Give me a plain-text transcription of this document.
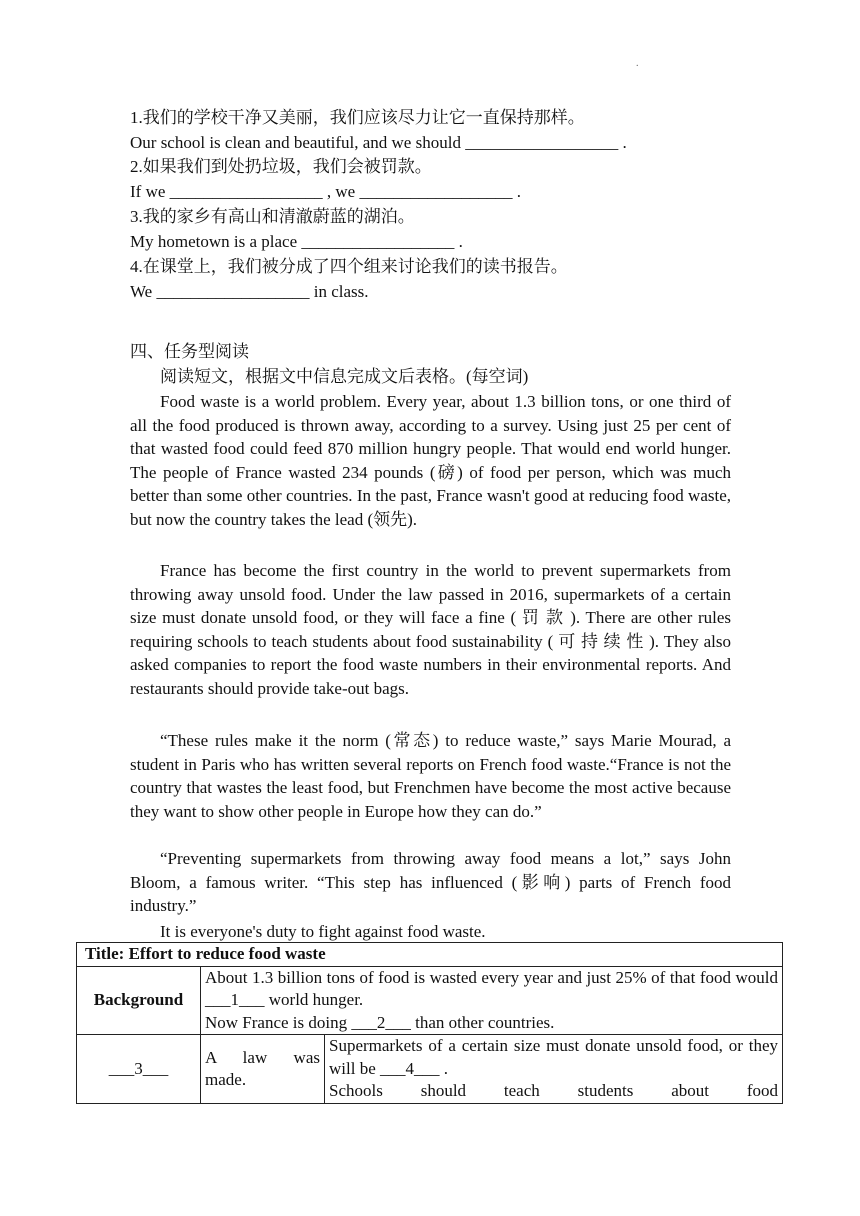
.
1.我们的学校干净又美丽，我们应该尽力让它一直保持那样。
Our school is clean and beautiful, and we should __________________ .
2.如果我们到处扔垃圾，我们会被罚款。
If we __________________ , we __________________ .
3.我的家乡有高山和清澈蔚蓝的湖泊。
My hometown is a place __________________ .
4.在课堂上，我们被分成了四个组来讨论我们的读书报告。
We __________________ in class.
四、任务型阅读
阅读短文，根据文中信息完成文后表格。(每空词)

Food waste is a world problem. Every year, about 1.3 billion tons, or one third of all the food produced is thrown away, according to a survey. Using just 25 per cent of that wasted food could feed 870 million hungry people. That would end world hunger. The people of France wasted 234 pounds (磅) of food per person, which was much better than some other countries. In the past, France wasn't good at reducing food waste, but now the country takes the lead (领先).

France has become the first country in the world to prevent supermarkets from throwing away unsold food. Under the law passed in 2016, supermarkets of a certain size must donate unsold food, or they will face a fine ( 罚 款 ). There are other rules requiring schools to teach students about food sustainability ( 可 持 续 性 ). They also asked companies to report the food waste numbers in their environmental reports. And restaurants should provide take-out bags.

“These rules make it the norm (常态) to reduce waste,” says Marie Mourad, a student in Paris who has written several reports on French food waste.“France is not the country that wastes the least food, but Frenchmen have become the most active because they want to show other people in Europe how they can do.”

“Preventing supermarkets from throwing away food means a lot,” says John Bloom, a famous writer. “This step has influenced (影响) parts of French food industry.”

It is everyone's duty to fight against food waste.

Title: Effort to reduce food waste		
Background	About 1.3 billion tons of food is wasted every year and just 25% of that food would ___1___ world hunger.
Now France is doing ___2___ than other countries.	

___3___	A law was made.	Supermarkets of a certain size must donate unsold food, or they will be ___4___ .
Schools should teach students about food
